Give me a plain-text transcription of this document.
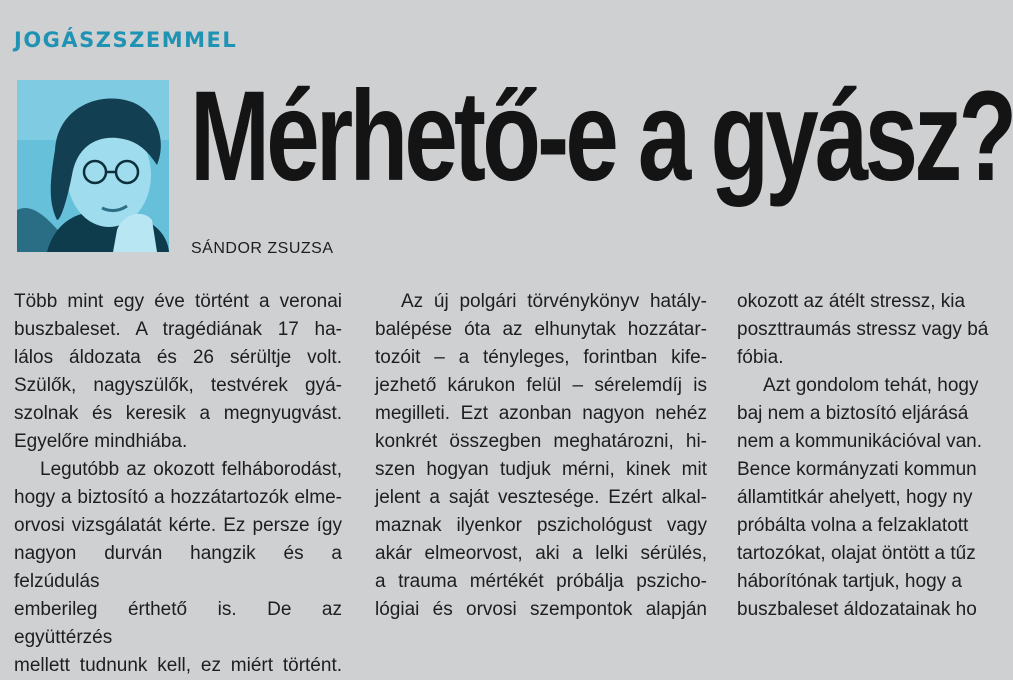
JOGÁSZSZEMMEL
Mérhető-e a gyász?
SÁNDOR ZSUZSA
Több mint egy éve történt a veronai
buszbaleset. A tragédiának 17 ha-
lálos áldozata és 26 sérültje volt.
Szülők, nagyszülők, testvérek gyá-
szolnak és keresik a megnyugvást.
Egyelőre mindhiába.
Legutóbb az okozott felháborodást,
hogy a biztosító a hozzátartozók elme-
orvosi vizsgálatát kérte. Ez persze így
nagyon durván hangzik és a felzúdulás
emberileg érthető is. De az együttérzés
mellett tudnunk kell, ez miért történt.
Az új polgári törvénykönyv hatály-
balépése óta az elhunytak hozzátar-
tozóit – a tényleges, forintban kife-
jezhető kárukon felül – sérelemdíj is
megilleti. Ezt azonban nagyon nehéz
konkrét összegben meghatározni, hi-
szen hogyan tudjuk mérni, kinek mit
jelent a saját vesztesége. Ezért alkal-
maznak ilyenkor pszichológust vagy
akár elmeorvost, aki a lelki sérülés,
a trauma mértékét próbálja pszicho-
lógiai és orvosi szempontok alapján
okozott az átélt stressz, kia
poszttraumás stressz vagy bá
fóbia.
Azt gondolom tehát, hogy
baj nem a biztosító eljárásá
nem a kommunikációval van.
Bence kormányzati kommun
államtitkár ahelyett, hogy ny
próbálta volna a felzaklatott
tartozókat, olajat öntött a tűz
háborítónak tartjuk, hogy a
buszbaleset áldozatainak ho
